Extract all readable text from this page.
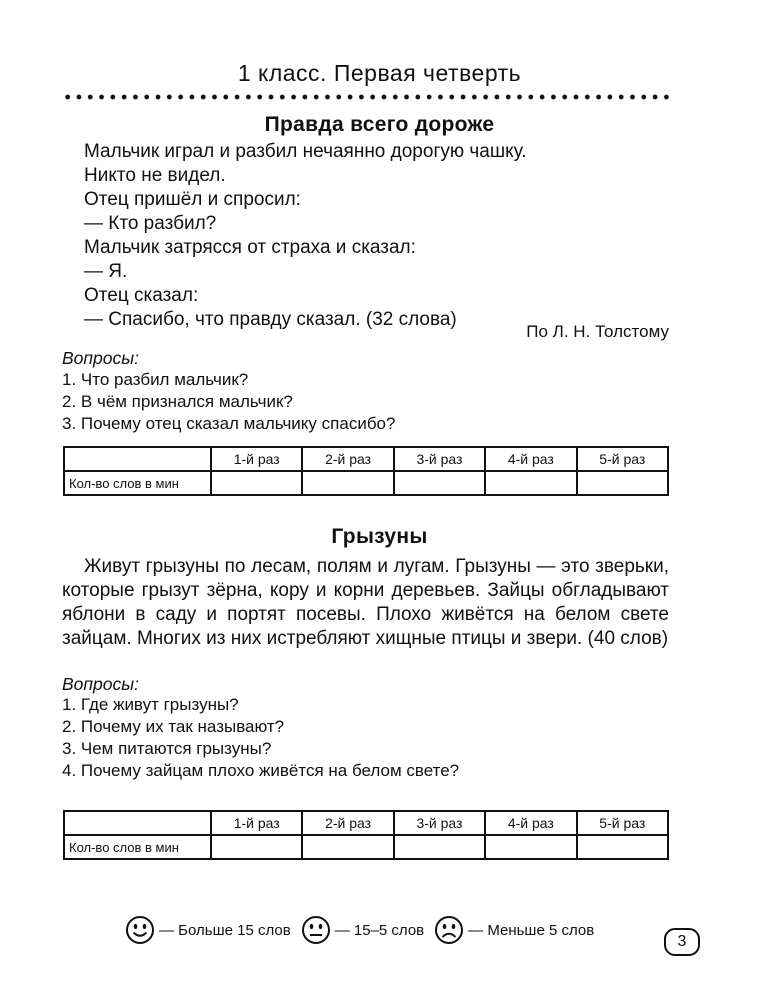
1 класс. Первая четверть
Правда всего дороже
Мальчик играл и разбил нечаянно дорогую чашку.
Никто не видел.
Отец пришёл и спросил:
— Кто разбил?
Мальчик затрясся от страха и сказал:
— Я.
Отец сказал:
— Спасибо, что правду сказал. (32 слова)
По Л. Н. Толстому
Вопросы:
1. Что разбил мальчик?
2. В чём признался мальчик?
3. Почему отец сказал мальчику спасибо?
	1-й раз	2-й раз	3-й раз	4-й раз	5-й раз
Кол-во слов в мин					
Грызуны
Живут грызуны по лесам, полям и лугам. Грызуны — это зверьки, которые грызут зёрна, кору и корни деревьев. Зайцы обгладывают яблони в саду и портят посевы. Плохо живётся на белом свете зайцам. Многих из них истребляют хищные птицы и звери. (40 слов)
Вопросы:
1. Где живут грызуны?
2. Почему их так называют?
3. Чем питаются грызуны?
4. Почему зайцам плохо живётся на белом свете?
	1-й раз	2-й раз	3-й раз	4-й раз	5-й раз
Кол-во слов в мин					
— Больше 15 слов	— 15–5 слов	— Меньше 5 слов
3
